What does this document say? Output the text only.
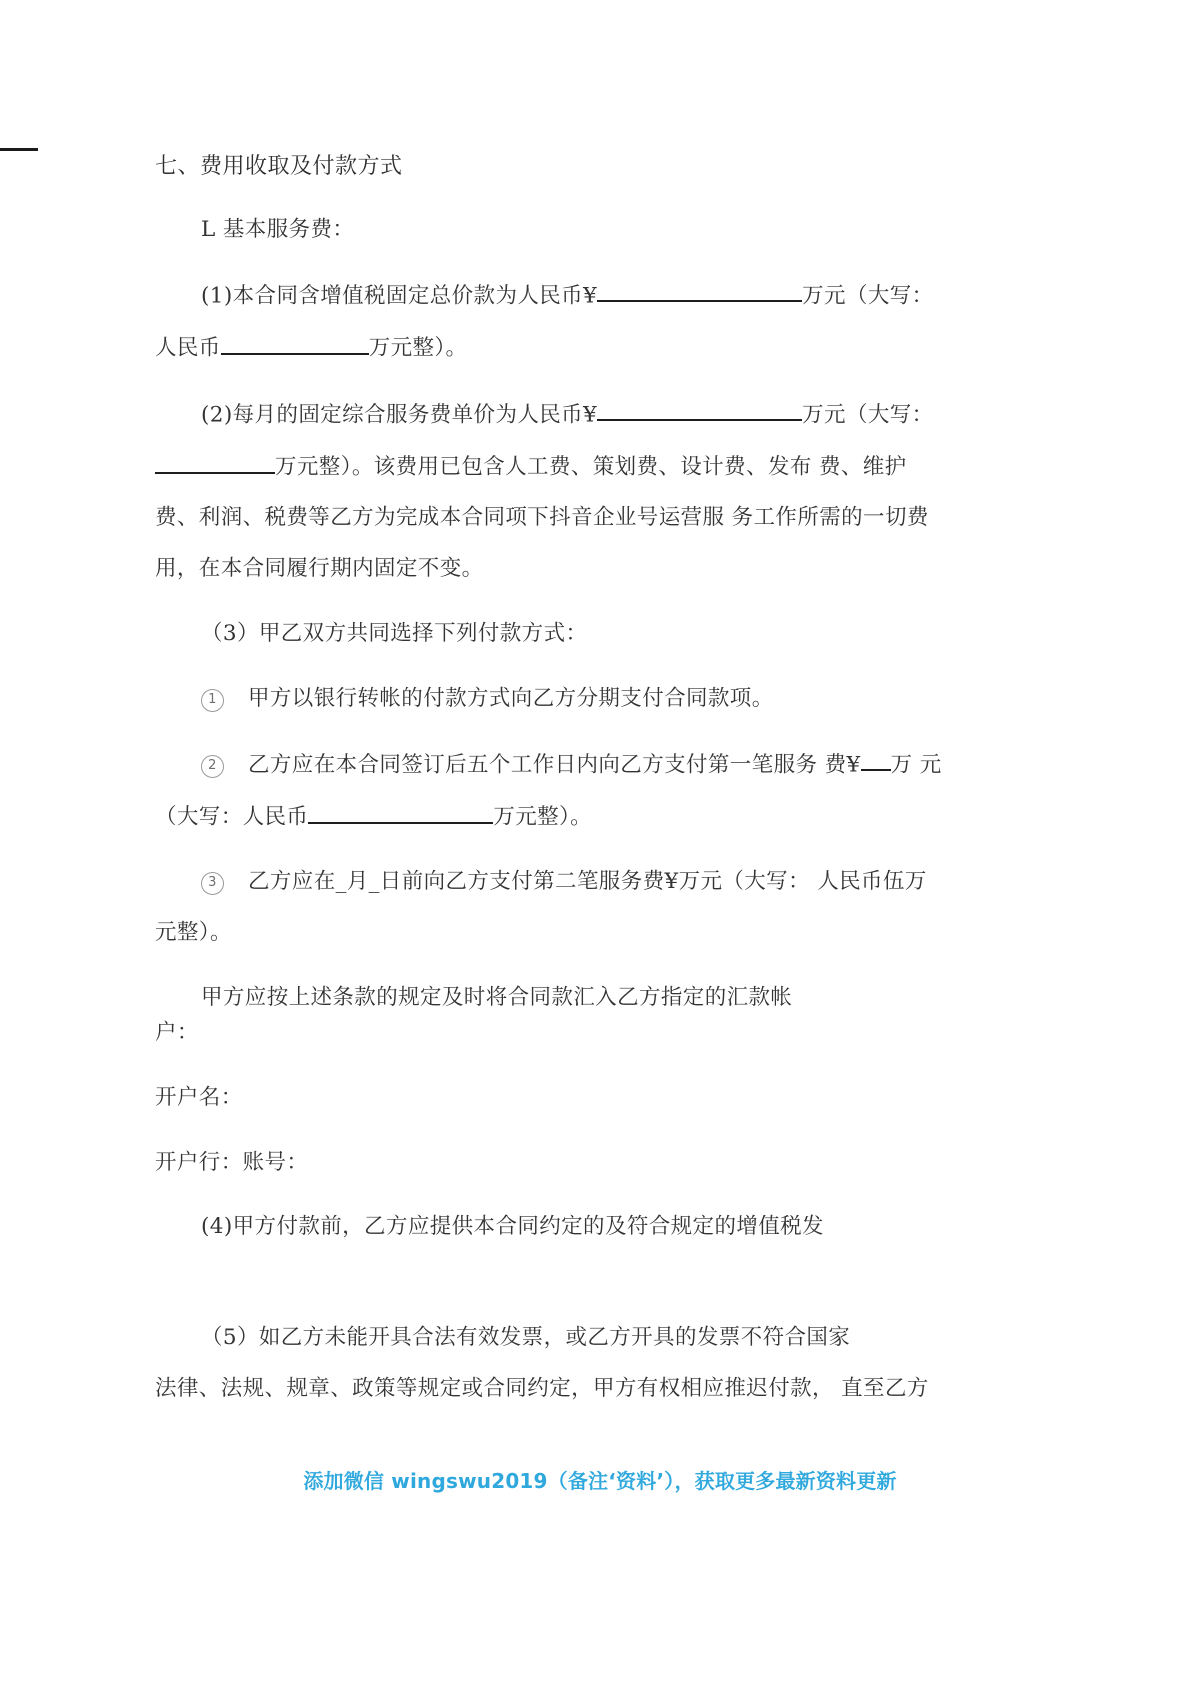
七、费用收取及付款方式

L 基本服务费：

(1)本合同含增值税固定总价款为人民币¥	万元（大写：

人民币	万元整）。

(2)每月的固定综合服务费单价为人民币¥	万元（大写：

万元整）。该费用已包含人工费、策划费、设计费、发布 费、维护

费、利润、税费等乙方为完成本合同项下抖音企业号运营服 务工作所需的一切费

用，在本合同履行期内固定不变。

（3）甲乙双方共同选择下列付款方式：

1 甲方以银行转帐的付款方式向乙方分期支付合同款项。

2 乙方应在本合同签订后五个工作日内向乙方支付第一笔服务 费¥ 万 元

（大写：人民币	万元整）。

3 乙方应在_月_日前向乙方支付第二笔服务费¥万元（大写： 人民币伍万

元整）。

甲方应按上述条款的规定及时将合同款汇入乙方指定的汇款帐

户：

开户名：

开户行：账号：

(4)甲方付款前，乙方应提供本合同约定的及符合规定的增值税发

（5）如乙方未能开具合法有效发票，或乙方开具的发票不符合国家

法律、法规、规章、政策等规定或合同约定，甲方有权相应推迟付款， 直至乙方

添加微信 wingswu2019（备注‘资料’），获取更多最新资料更新
